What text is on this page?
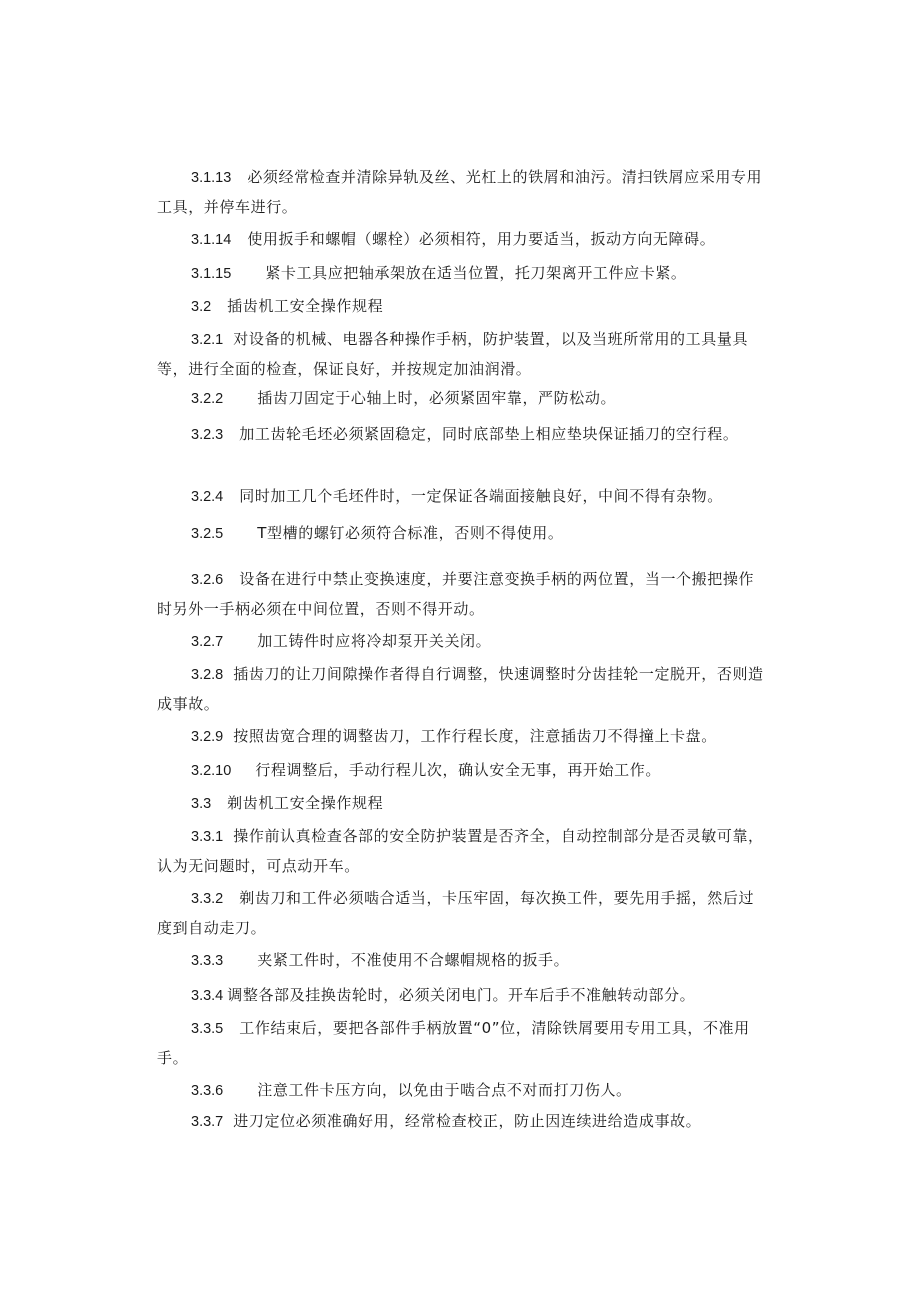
3.1.13 必须经常检查并清除异轨及丝、光杠上的铁屑和油污。清扫铁屑应采用专用工具，并停车进行。
3.1.14 使用扳手和螺帽（螺栓）必须相符，用力要适当，扳动方向无障碍。
3.1.15 紧卡工具应把轴承架放在适当位置，托刀架离开工件应卡紧。
3.2 插齿机工安全操作规程
3.2.1 对设备的机械、电器各种操作手柄，防护装置，以及当班所常用的工具量具等，进行全面的检查，保证良好，并按规定加油润滑。
3.2.2 插齿刀固定于心轴上时，必须紧固牢靠，严防松动。
3.2.3 加工齿轮毛坯必须紧固稳定，同时底部垫上相应垫块保证插刀的空行程。
3.2.4 同时加工几个毛坯件时，一定保证各端面接触良好，中间不得有杂物。
3.2.5 T型槽的螺钉必须符合标准，否则不得使用。
3.2.6 设备在进行中禁止变换速度，并要注意变换手柄的两位置，当一个搬把操作时另外一手柄必须在中间位置，否则不得开动。
3.2.7 加工铸件时应将冷却泵开关关闭。
3.2.8 插齿刀的让刀间隙操作者得自行调整，快速调整时分齿挂轮一定脱开，否则造成事故。
3.2.9 按照齿宽合理的调整齿刀，工作行程长度，注意插齿刀不得撞上卡盘。
3.2.10 行程调整后，手动行程儿次，确认安全无事，再开始工作。
3.3 剃齿机工安全操作规程
3.3.1 操作前认真检查各部的安全防护装置是否齐全，自动控制部分是否灵敏可靠，认为无问题时，可点动开车。
3.3.2 剃齿刀和工件必须啮合适当，卡压牢固，每次换工件，要先用手摇，然后过度到自动走刀。
3.3.3 夹紧工件时，不准使用不合螺帽规格的扳手。
3.3.4 调整各部及挂换齿轮时，必须关闭电门。开车后手不准触转动部分。
3.3.5 工作结束后，要把各部件手柄放置“0”位，清除铁屑要用专用工具，不准用手。
3.3.6 注意工件卡压方向，以免由于啮合点不对而打刀伤人。
3.3.7 进刀定位必须准确好用，经常检查校正，防止因连续进给造成事故。
